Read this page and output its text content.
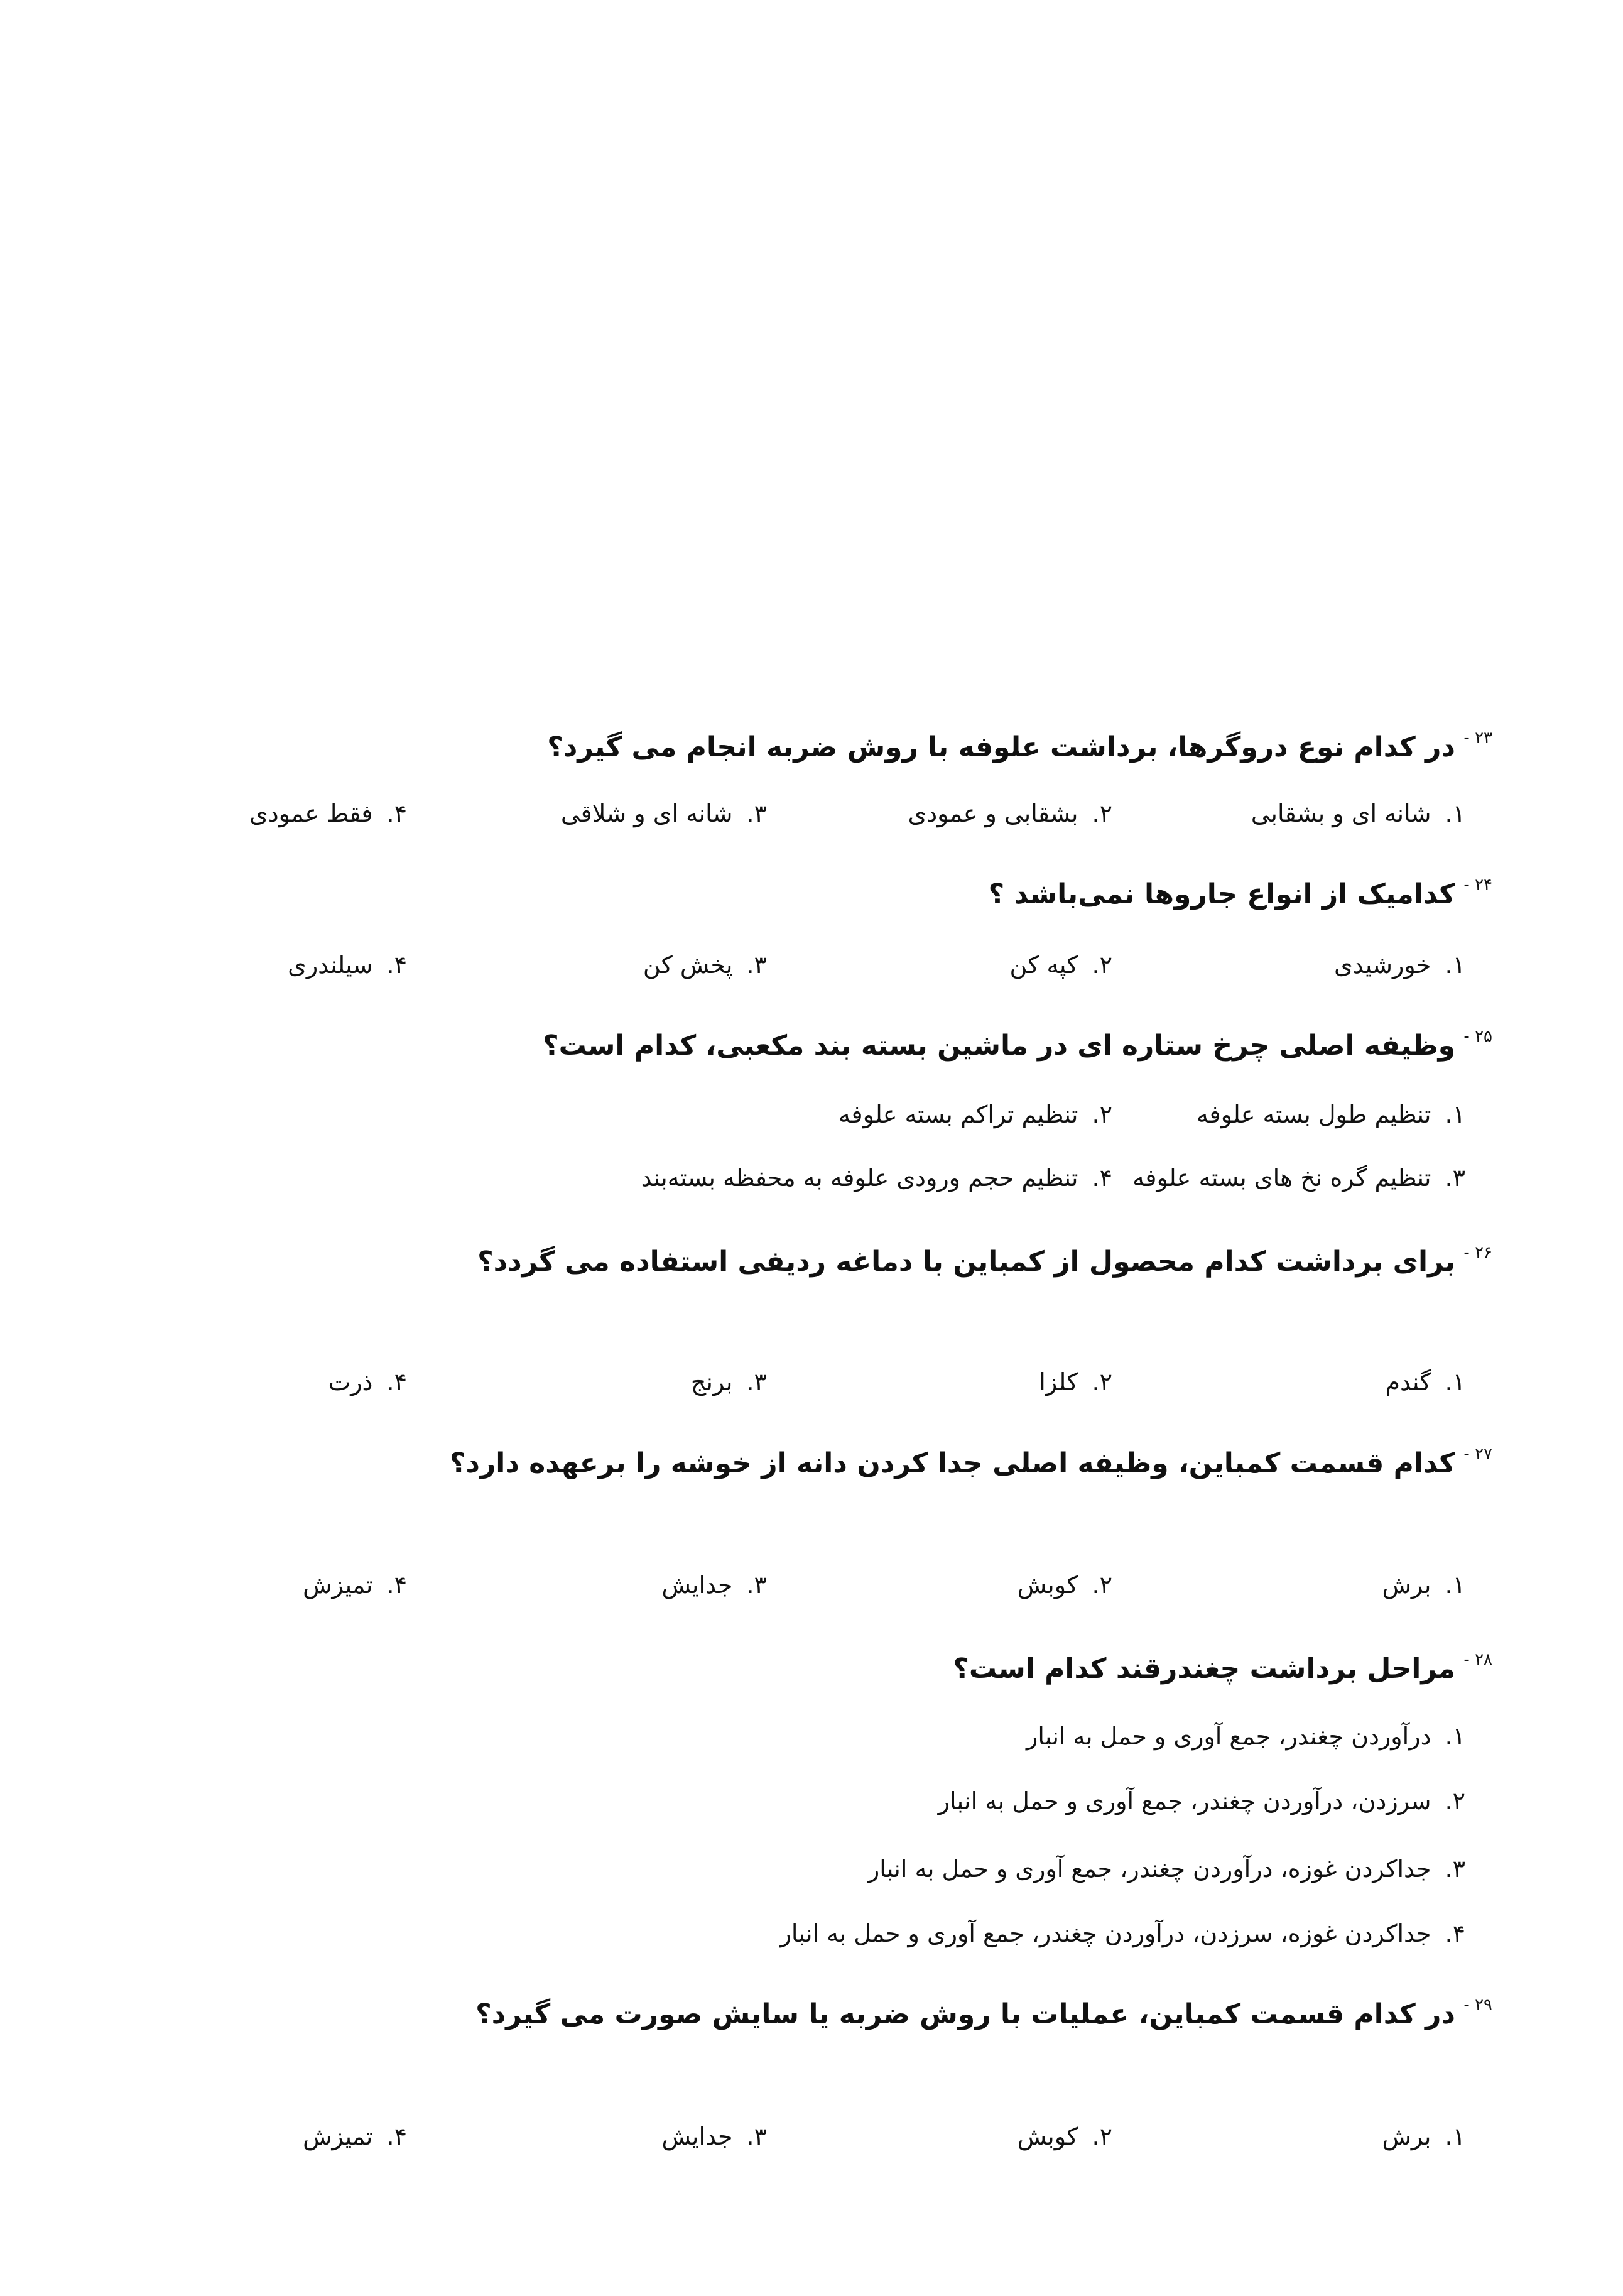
۲۳ -
در کدام نوع دروگرها، برداشت علوفه با روش ضربه انجام می گیرد؟
۱.شانه ای و بشقابی
۲.بشقابی و عمودی
۳.شانه ای و شلاقی
۴.فقط عمودی
۲۴ -
کدامیک از انواع جاروها نمی‌باشد ؟
۱.خورشیدی
۲.کپه کن
۳.پخش کن
۴.سیلندری
۲۵ -
وظیفه اصلی چرخ ستاره ای در ماشین بسته بند مکعبی، کدام است؟
۱.تنظیم طول بسته علوفه
۲.تنظیم تراکم بسته علوفه
۳.تنظیم گره نخ های بسته علوفه
۴.تنظیم حجم ورودی علوفه به محفظه بسته‌بند
۲۶ -
برای برداشت کدام محصول از کمباین با دماغه ردیفی استفاده می گردد؟
۱.گندم
۲.کلزا
۳.برنج
۴.ذرت
۲۷ -
کدام قسمت کمباین، وظیفه اصلی جدا کردن دانه از خوشه را برعهده دارد؟
۱.برش
۲.کوبش
۳.جدایش
۴.تمیزش
۲۸ -
مراحل برداشت چغندرقند کدام است؟
۱.درآوردن چغندر، جمع آوری و حمل به انبار
۲.سرزدن، درآوردن چغندر، جمع آوری و حمل به انبار
۳.جداکردن غوزه، درآوردن چغندر، جمع آوری و حمل به انبار
۴.جداکردن غوزه، سرزدن، درآوردن چغندر، جمع آوری و حمل به انبار
۲۹ -
در کدام قسمت کمباین، عملیات با روش ضربه یا سایش صورت می گیرد؟
۱.برش
۲.کوبش
۳.جدایش
۴.تمیزش
